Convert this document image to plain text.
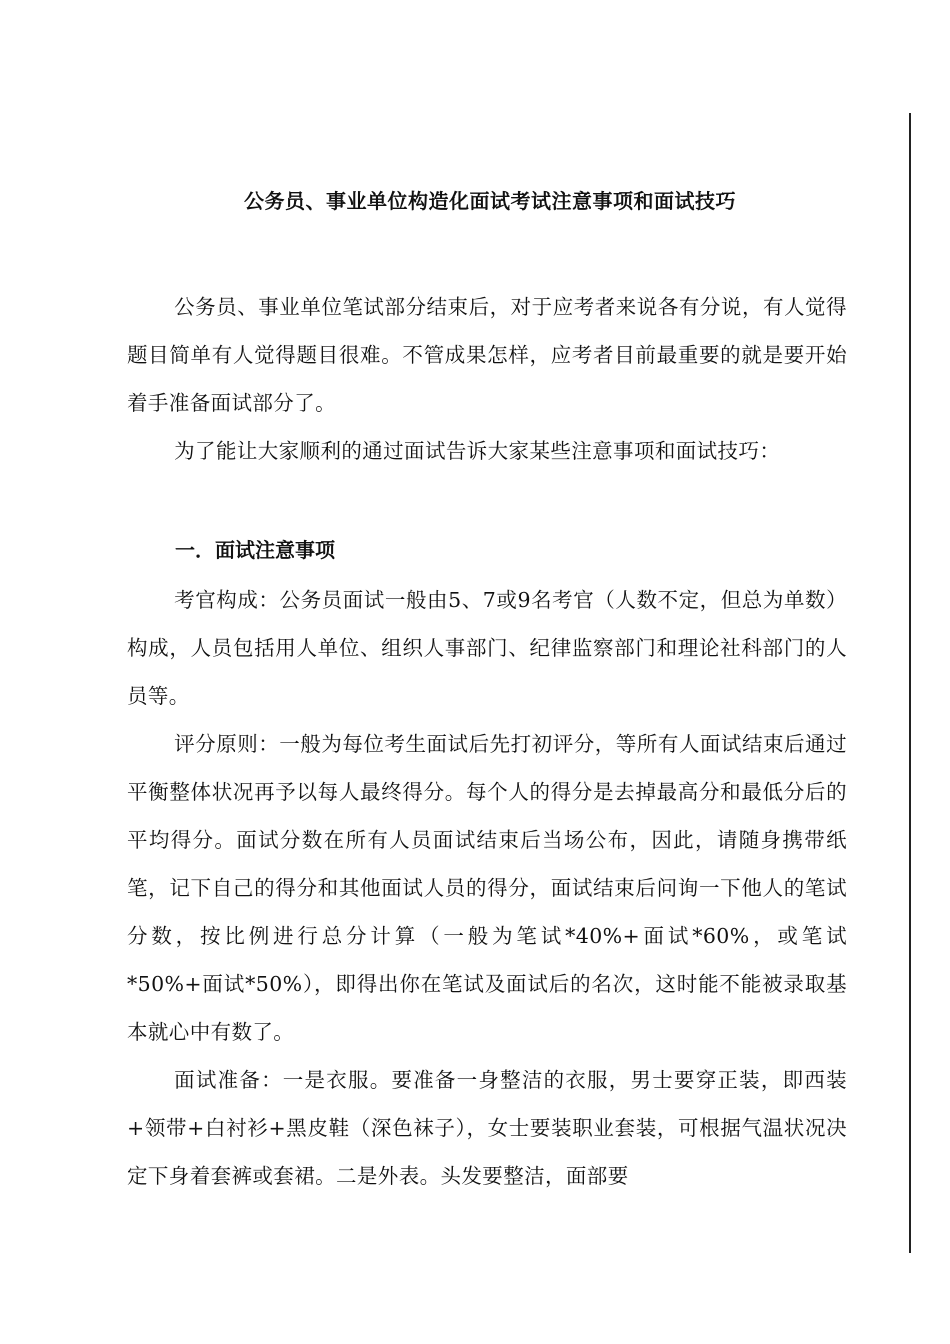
公务员、事业单位构造化面试考试注意事项和面试技巧

公务员、事业单位笔试部分结束后，对于应考者来说各有分说，有人觉得题目简单有人觉得题目很难。不管成果怎样，应考者目前最重要的就是要开始着手准备面试部分了。

为了能让大家顺利的通过面试告诉大家某些注意事项和面试技巧：

一．面试注意事项

考官构成：公务员面试一般由5、7或9名考官（人数不定，但总为单数）构成，人员包括用人单位、组织人事部门、纪律监察部门和理论社科部门的人员等。

评分原则：一般为每位考生面试后先打初评分，等所有人面试结束后通过平衡整体状况再予以每人最终得分。每个人的得分是去掉最高分和最低分后的平均得分。面试分数在所有人员面试结束后当场公布，因此，请随身携带纸笔，记下自己的得分和其他面试人员的得分，面试结束后问询一下他人的笔试分数，按比例进行总分计算（一般为笔试*40%+面试*60%，或笔试*50%+面试*50%），即得出你在笔试及面试后的名次，这时能不能被录取基本就心中有数了。

面试准备：一是衣服。要准备一身整洁的衣服，男士要穿正装，即西装+领带+白衬衫+黑皮鞋（深色袜子），女士要装职业套装，可根据气温状况决定下身着套裤或套裙。二是外表。头发要整洁，面部要
